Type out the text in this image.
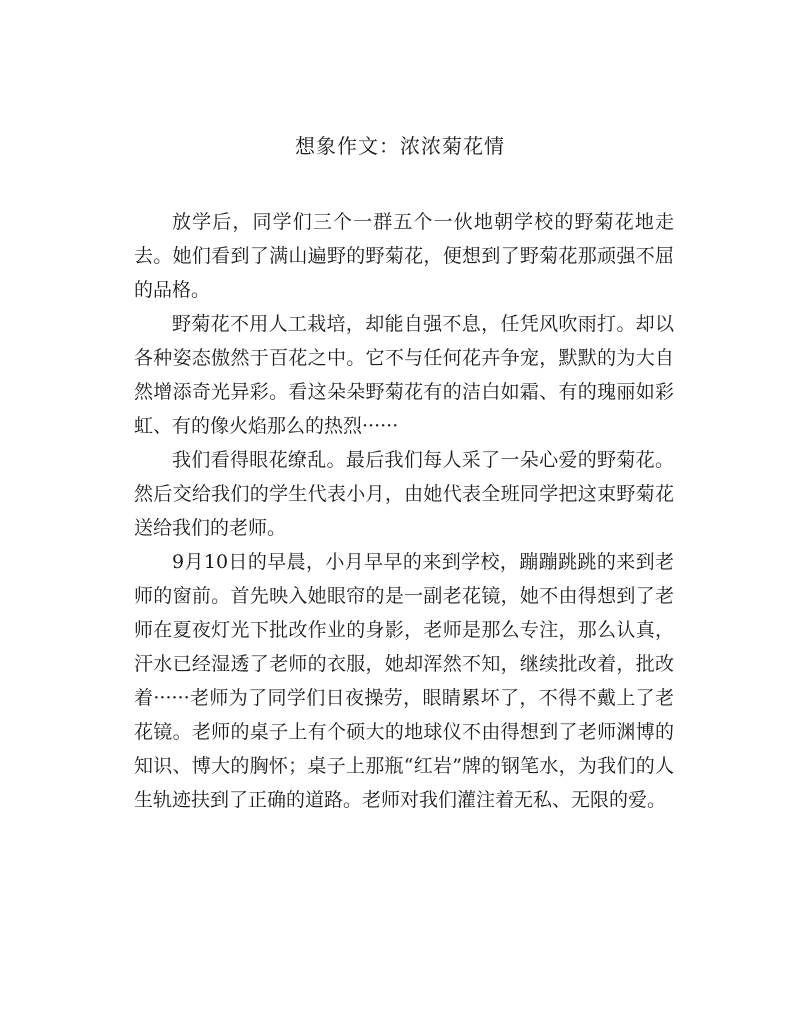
想象作文：浓浓菊花情

放学后，同学们三个一群五个一伙地朝学校的野菊花地走去。她们看到了满山遍野的野菊花，便想到了野菊花那顽强不屈的品格。

野菊花不用人工栽培，却能自强不息，任凭风吹雨打。却以各种姿态傲然于百花之中。它不与任何花卉争宠，默默的为大自然增添奇光异彩。看这朵朵野菊花有的洁白如霜、有的瑰丽如彩虹、有的像火焰那么的热烈······

我们看得眼花缭乱。最后我们每人采了一朵心爱的野菊花。然后交给我们的学生代表小月，由她代表全班同学把这束野菊花送给我们的老师。

9月10日的早晨，小月早早的来到学校，蹦蹦跳跳的来到老师的窗前。首先映入她眼帘的是一副老花镜，她不由得想到了老师在夏夜灯光下批改作业的身影，老师是那么专注，那么认真，汗水已经湿透了老师的衣服，她却浑然不知，继续批改着，批改着······老师为了同学们日夜操劳，眼睛累坏了，不得不戴上了老花镜。老师的桌子上有个硕大的地球仪不由得想到了老师渊博的知识、博大的胸怀；桌子上那瓶“红岩”牌的钢笔水，为我们的人生轨迹扶到了正确的道路。老师对我们灌注着无私、无限的爱。
